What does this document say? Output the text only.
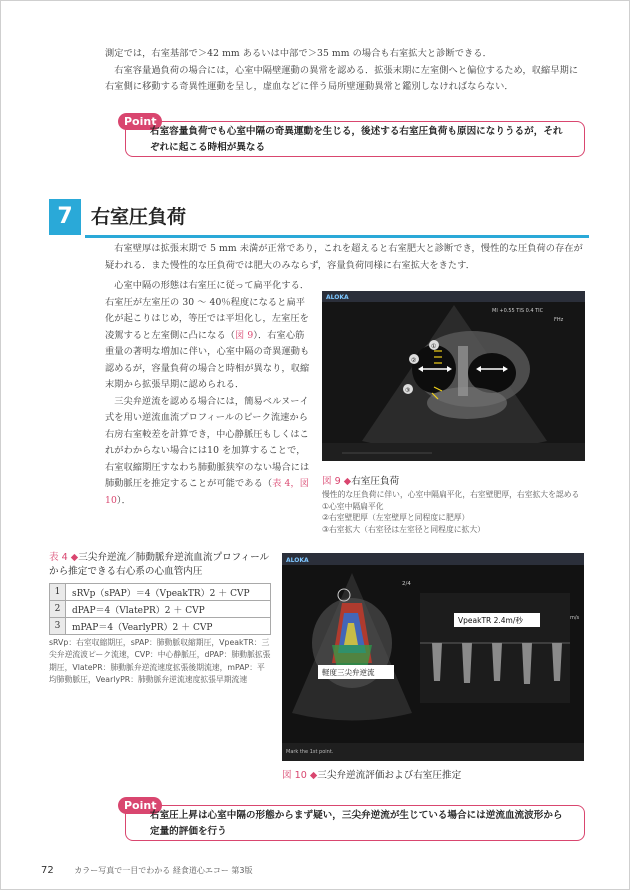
測定では，右室基部で＞42 mm あるいは中部で＞35 mm の場合も右室拡大と診断できる．

右室容量過負荷の場合には，心室中隔壁運動の異常を認める．拡張末期に左室側へと偏位するため，収縮早期に右室側に移動する奇異性運動を呈し，虚血などに伴う局所壁運動異常と鑑別しなければならない．

Point
右室容量負荷でも心室中隔の奇異運動を生じる，後述する右室圧負荷も原因になりうるが，それぞれに起こる時相が異なる
7 右室圧負荷

右室壁厚は拡張末期で 5 mm 未満が正常であり，これを超えると右室肥大と診断でき，慢性的な圧負荷の存在が疑われる．また慢性的な圧負荷では肥大のみならず，容量負荷同様に右室拡大をきたす．

心室中隔の形態は右室圧に従って扁平化する．右室圧が左室圧の 30 ～ 40％程度になると扁平化が起こりはじめ，等圧では平坦化し，左室圧を凌駕すると左室側に凸になる（図 9）．右室心筋重量の著明な増加に伴い，心室中隔の奇異運動も認めるが，容量負荷の場合と時相が異なり，収縮末期から拡張早期に認められる．

三尖弁逆流を認める場合には，簡易ベルヌーイ式を用い逆流血流プロフィールのピーク流速から右房右室較差を計算でき，中心静脈圧もしくはこれがわからない場合には10 を加算することで，右室収縮期圧すなわち肺動脈狭窄のない場合には肺動脈圧を推定することが可能である（表 4，図 10）．

ALOKA
MI +0.55 TIS 0.4 TIC
FHz
①
②
③
図 9 ◆右室圧負荷
慢性的な圧負荷に伴い，心室中隔扁平化，右室壁肥厚，右室拡大を認める
①心室中隔扁平化
②右室壁肥厚（左室壁厚と同程度に肥厚）
③右室拡大（右室径は左室径と同程度に拡大）
表 4 ◆三尖弁逆流／肺動脈弁逆流血流プロフィールから推定できる右心系の心血管内圧
1	sRVp（sPAP）＝4（VpeakTR）2 ＋ CVP
2	dPAP＝4（VlatePR）2 ＋ CVP
3	mPAP＝4（VearlyPR）2 ＋ CVP
sRVp：右室収縮期圧，sPAP：肺動脈収縮期圧，VpeakTR：三尖弁逆流波ピーク流速，CVP：中心静脈圧，dPAP：肺動脈拡張期圧，VlatePR：肺動脈弁逆流速度拡張後期流速，mPAP：平均肺動脈圧，VearlyPR：肺動脈弁逆流速度拡張早期流速
ALOKA
軽度三尖弁逆流
2/4
VpeakTR 2.4m/秒	m/s
Mark the 1st point.
図 10 ◆三尖弁逆流評価および右室圧推定
Point
右室圧上昇は心室中隔の形態からまず疑い，三尖弁逆流が生じている場合には逆流血流波形から定量的評価を行う
72	カラー写真で一目でわかる 経食道心エコー 第3版
